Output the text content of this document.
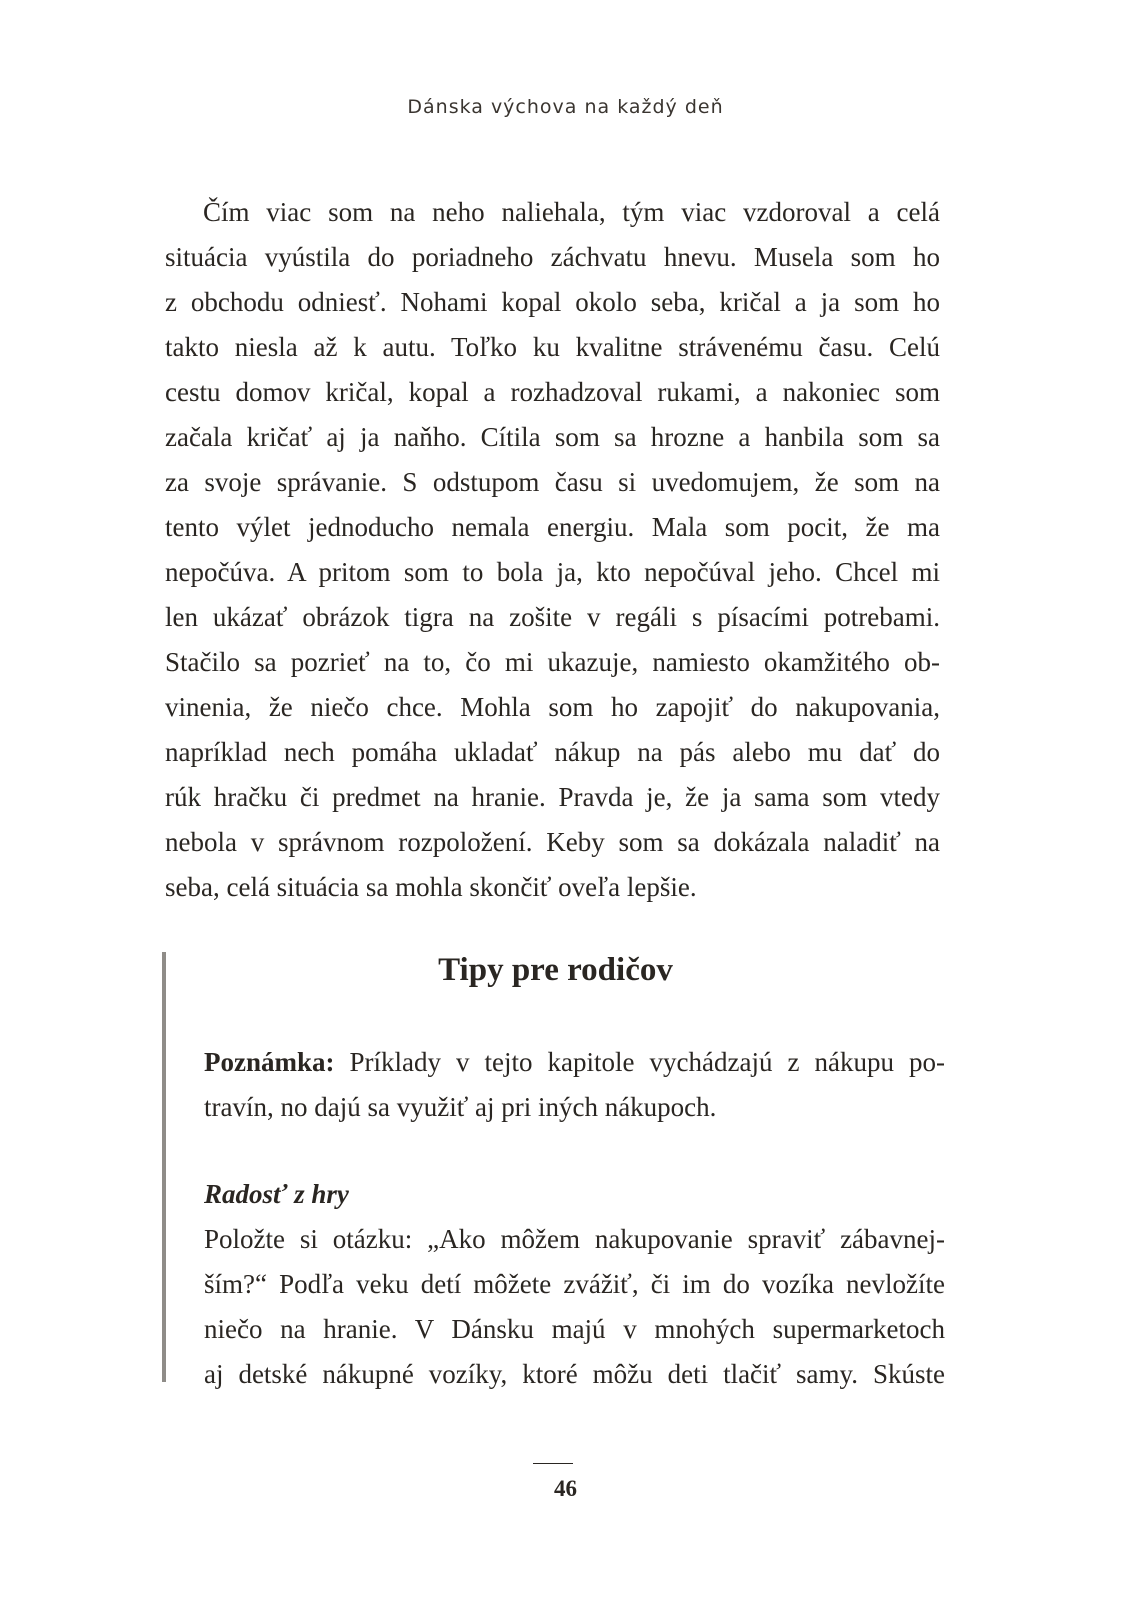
Dánska výchova na každý deň
Čím viac som na neho naliehala, tým viac vzdoroval a celá
situácia vyústila do poriadneho záchvatu hnevu. Musela som ho
z obchodu odniesť. Nohami kopal okolo seba, kričal a ja som ho
takto niesla až k autu. Toľko ku kvalitne strávenému času. Celú
cestu domov kričal, kopal a rozhadzoval rukami, a nakoniec som
začala kričať aj ja naňho. Cítila som sa hrozne a hanbila som sa
za svoje správanie. S odstupom času si uvedomujem, že som na
tento výlet jednoducho nemala energiu. Mala som pocit, že ma
nepočúva. A pritom som to bola ja, kto nepočúval jeho. Chcel mi
len ukázať obrázok tigra na zošite v regáli s písacími potrebami.
Stačilo sa pozrieť na to, čo mi ukazuje, namiesto okamžitého ob-
vinenia, že niečo chce. Mohla som ho zapojiť do nakupovania,
napríklad nech pomáha ukladať nákup na pás alebo mu dať do
rúk hračku či predmet na hranie. Pravda je, že ja sama som vtedy
nebola v správnom rozpoložení. Keby som sa dokázala naladiť na
seba, celá situácia sa mohla skončiť oveľa lepšie.
Tipy pre rodičov
Poznámka: Príklady v tejto kapitole vychádzajú z nákupu po-
travín, no dajú sa využiť aj pri iných nákupoch.
Radosť z hry
Položte si otázku: „Ako môžem nakupovanie spraviť zábavnej-
ším?“ Podľa veku detí môžete zvážiť, či im do vozíka nevložíte
niečo na hranie. V Dánsku majú v mnohých supermarketoch
aj detské nákupné vozíky, ktoré môžu deti tlačiť samy. Skúste
46
